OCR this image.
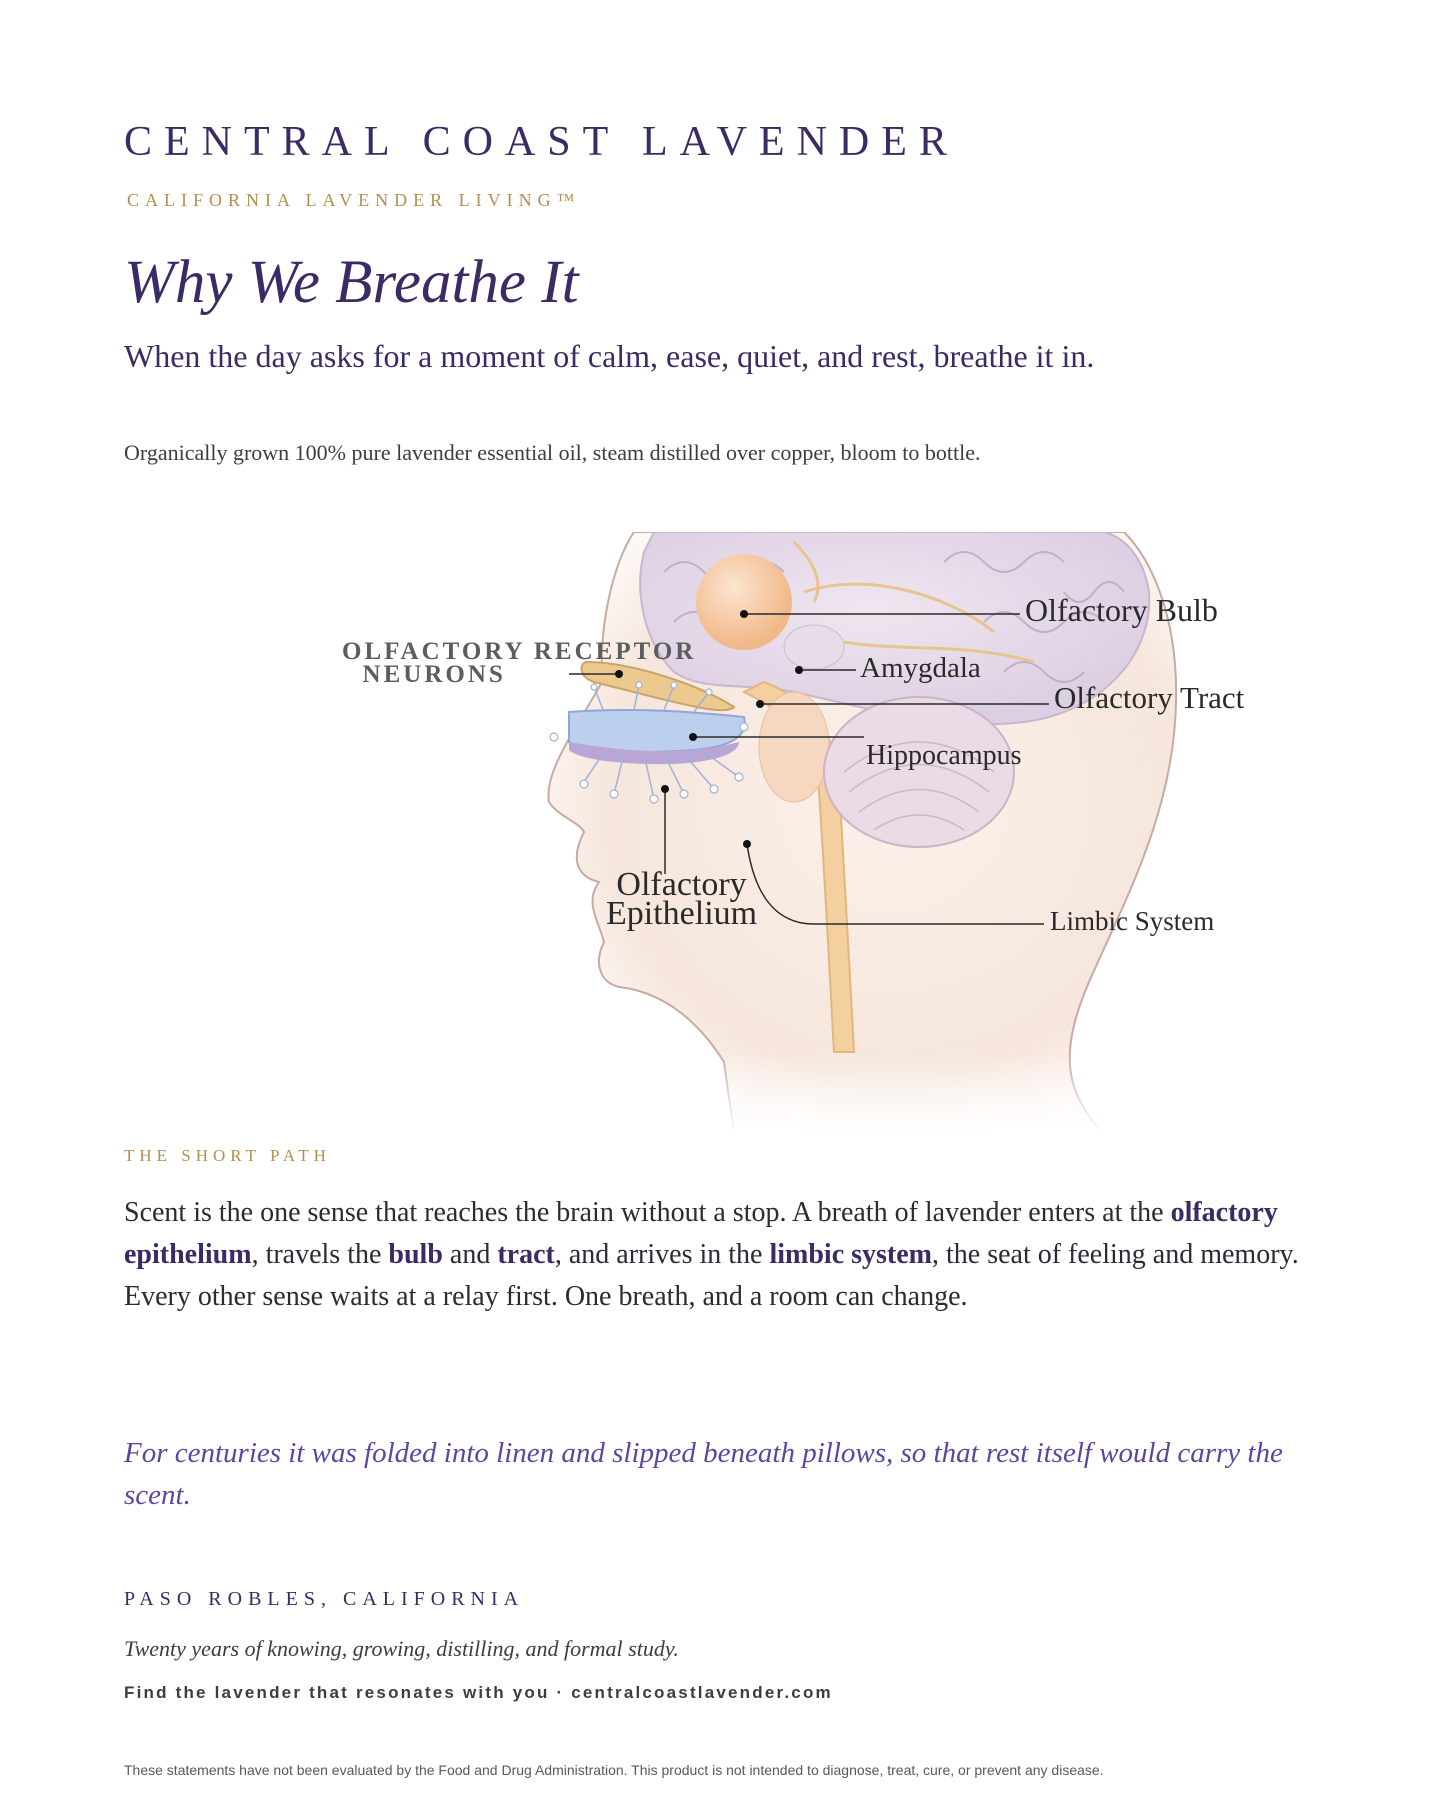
CENTRAL COAST LAVENDER
CALIFORNIA LAVENDER LIVING™
Why We Breathe It
When the day asks for a moment of calm, ease, quiet, and rest, breathe it in.
Organically grown 100% pure lavender essential oil, steam distilled over copper, bloom to bottle.
OLFACTORY RECEPTOR
NEURONS
Olfactory Bulb
Amygdala
Olfactory Tract
Hippocampus
Olfactory
Epithelium	Limbic System
THE SHORT PATH

Scent is the one sense that reaches the brain without a stop. A breath of lavender enters at the olfactory epithelium, travels the bulb and tract, and arrives in the limbic system, the seat of feeling and memory. Every other sense waits at a relay first. One breath, and a room can change.

For centuries it was folded into linen and slipped beneath pillows, so that rest itself would carry the scent.

PASO ROBLES, CALIFORNIA
Twenty years of knowing, growing, distilling, and formal study.
Find the lavender that resonates with you · centralcoastlavender.com
These statements have not been evaluated by the Food and Drug Administration. This product is not intended to diagnose, treat, cure, or prevent any disease.
